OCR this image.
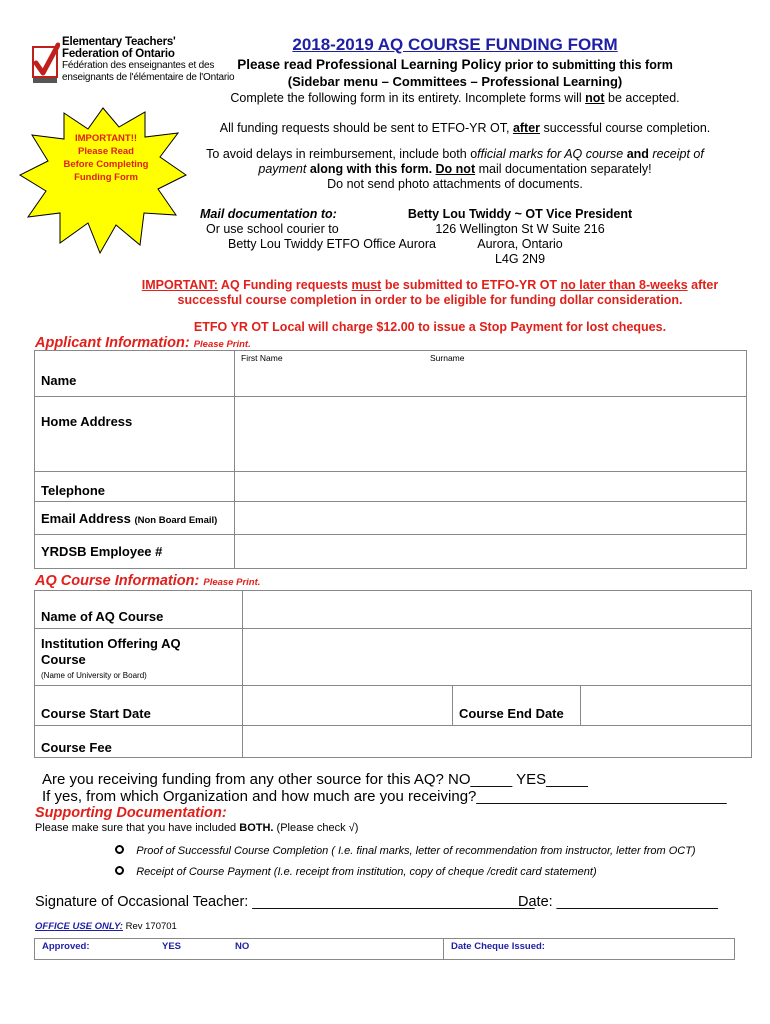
Elementary Teachers'
Federation of Ontario
Fédération des enseignantes et des
enseignants de l'élémentaire de l'Ontario
2018-2019 AQ COURSE FUNDING FORM
Please read Professional Learning Policy prior to submitting this form
(Sidebar menu – Committees – Professional Learning)
Complete the following form in its entirety. Incomplete forms will not be accepted.
IMPORTANT!!
Please Read
Before Completing
Funding Form
All funding requests should be sent to ETFO-YR OT, after successful course completion.
To avoid delays in reimbursement, include both official marks for AQ course and receipt of
payment along with this form. Do not mail documentation separately!
Do not send photo attachments of documents.
Mail documentation to:
Or use school courier to
Betty Lou Twiddy ETFO Office Aurora
Betty Lou Twiddy ~ OT Vice President
126 Wellington St W Suite 216
Aurora, Ontario
L4G 2N9
IMPORTANT: AQ Funding requests must be submitted to ETFO-YR OT no later than 8-weeks after
successful course completion in order to be eligible for funding dollar consideration.
ETFO YR OT Local will charge $12.00 to issue a Stop Payment for lost cheques.
Applicant Information: Please Print.
Name	First Name Surname

Home Address	
Telephone	
Email Address (Non Board Email)	
YRDSB Employee #	
AQ Course Information: Please Print.
Name of AQ Course			

Institution Offering AQ Course
(Name of University or Board)			

Course Start Date		Course End Date	
Course Fee			
Are you receiving funding from any other source for this AQ? NO_____ YES_____
If yes, from which Organization and how much are you receiving?______________________________
Supporting Documentation:
Please make sure that you have included BOTH. (Please check √)
Proof of Successful Course Completion ( I.e. final marks, letter of recommendation from instructor, letter from OCT)
Receipt of Course Payment (I.e. receipt from institution, copy of cheque /credit card statement)
Signature of Occasional Teacher: ___________________________________
Date: ____________________
OFFICE USE ONLY: Rev 170701
Approved:	YES	NO	Date Cheque Issued:
